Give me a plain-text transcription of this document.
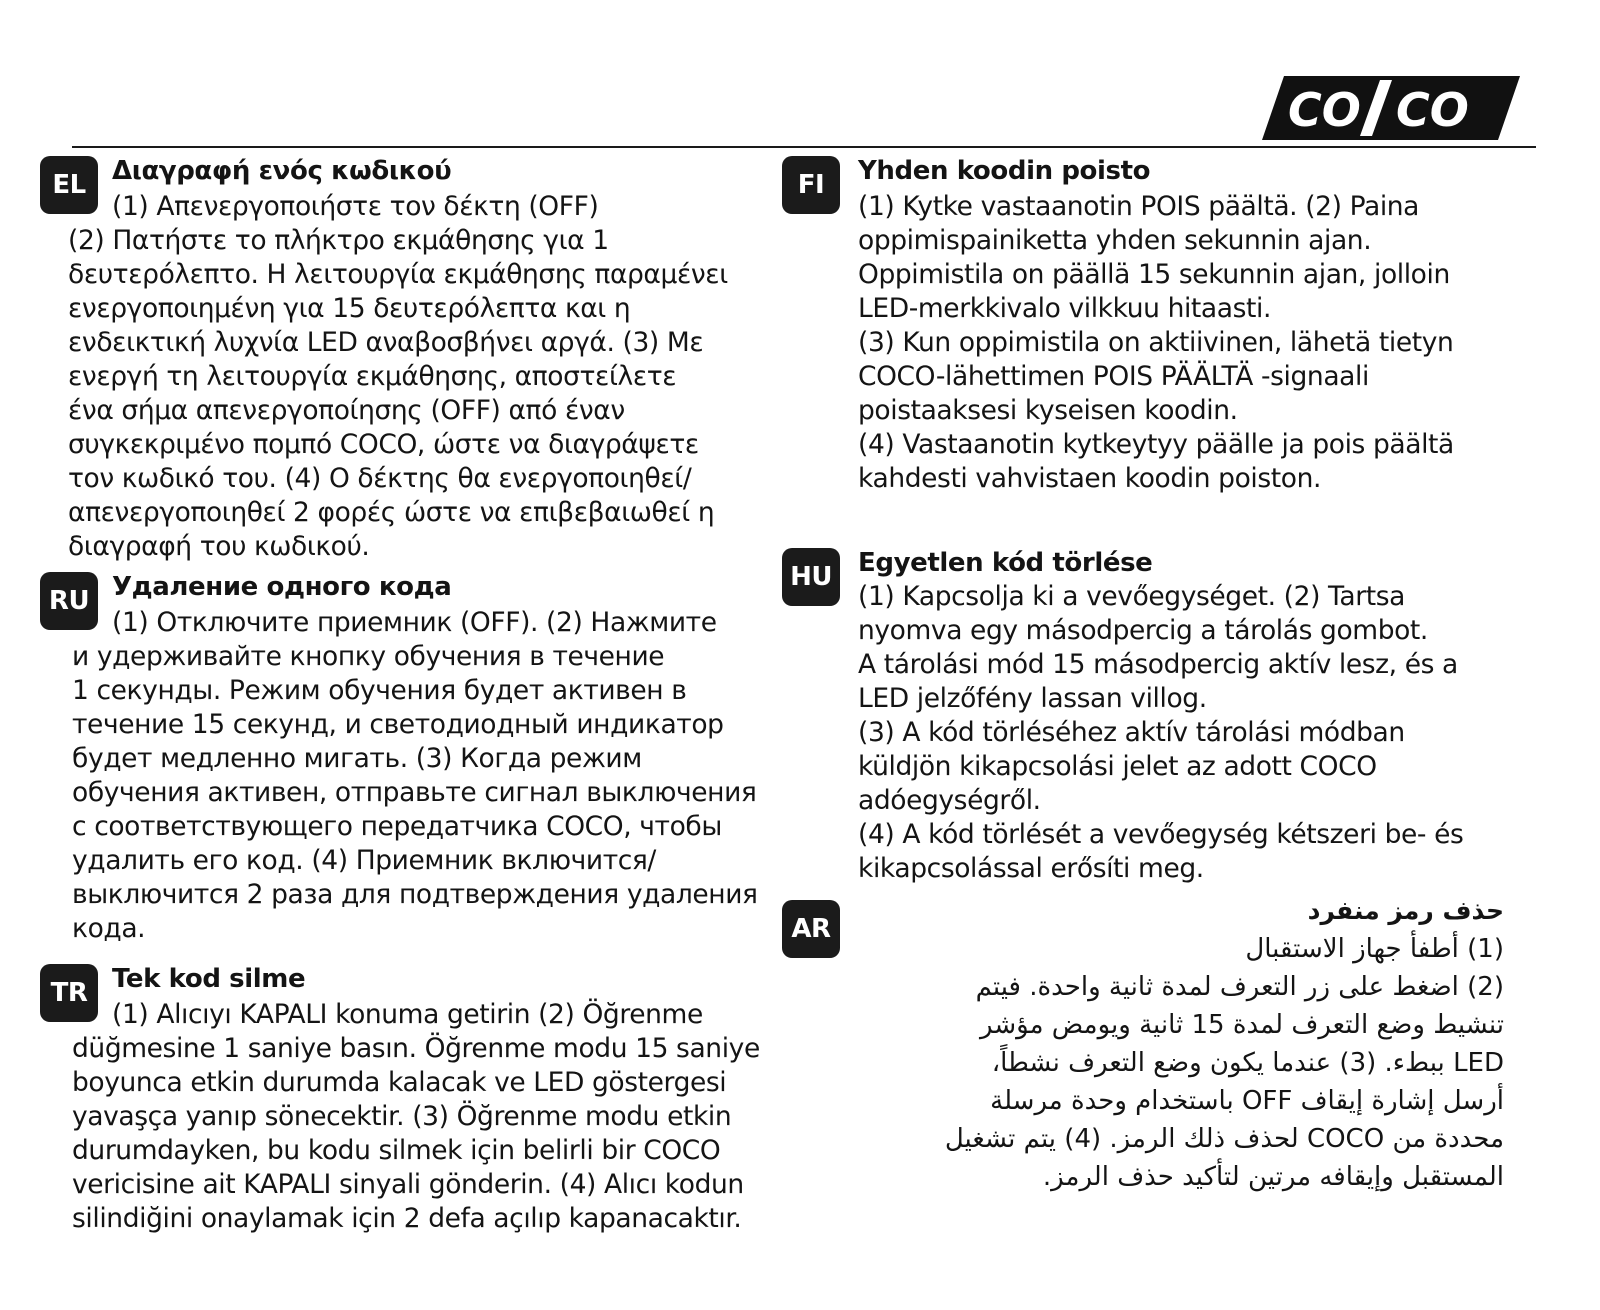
CO CO
EL	Διαγραφή ενός κωδικού
(1) Απενεργοποιήστε τον δέκτη (OFF)
(2) Πατήστε το πλήκτρο εκμάθησης για 1
δευτερόλεπτο. Η λειτουργία εκμάθησης παραμένει
ενεργοποιημένη για 15 δευτερόλεπτα και η
ενδεικτική λυχνία LED αναβοσβήνει αργά. (3) Με
ενεργή τη λειτουργία εκμάθησης, αποστείλετε
ένα σήμα απενεργοποίησης (OFF) από έναν
συγκεκριμένο πομπό COCO, ώστε να διαγράψετε
τον κωδικό του. (4) Ο δέκτης θα ενεργοποιηθεί/
απενεργοποιηθεί 2 φορές ώστε να επιβεβαιωθεί η
διαγραφή του κωδικού.
RU Удаление одного кода
(1) Отключите приемник (OFF). (2) Нажмите
и удерживайте кнопку обучения в течение
1 секунды. Режим обучения будет активен в
течение 15 секунд, и светодиодный индикатор
будет медленно мигать. (3) Когда режим
обучения активен, отправьте сигнал выключения
с соответствующего передатчика COCO, чтобы
удалить его код. (4) Приемник включится/
выключится 2 раза для подтверждения удаления
кода.
TR Tek kod silme
(1) Alıcıyı KAPALI konuma getirin (2) Öğrenme
düğmesine 1 saniye basın. Öğrenme modu 15 saniye
boyunca etkin durumda kalacak ve LED göstergesi
yavaşça yanıp sönecektir. (3) Öğrenme modu etkin
durumdayken, bu kodu silmek için belirli bir COCO
vericisine ait KAPALI sinyali gönderin. (4) Alıcı kodun
silindiğini onaylamak için 2 defa açılıp kapanacaktır.
FI	Yhden koodin poisto
(1) Kytke vastaanotin POIS päältä. (2) Paina
oppimispainiketta yhden sekunnin ajan.
Oppimistila on päällä 15 sekunnin ajan, jolloin
LED-merkkivalo vilkkuu hitaasti.
(3) Kun oppimistila on aktiivinen, lähetä tietyn
COCO-lähettimen POIS PÄÄLTÄ -signaali
poistaaksesi kyseisen koodin.
(4) Vastaanotin kytkeytyy päälle ja pois päältä
kahdesti vahvistaen koodin poiston.
HU	Egyetlen kód törlése
(1) Kapcsolja ki a vevőegységet. (2) Tartsa
nyomva egy másodpercig a tárolás gombot.
A tárolási mód 15 másodpercig aktív lesz, és a
LED jelzőfény lassan villog.
(3) A kód törléséhez aktív tárolási módban
küldjön kikapcsolási jelet az adott COCO
adóegységről.
(4) A kód törlését a vevőegység kétszeri be- és
kikapcsolással erősíti meg.
AR
حذف رمز منفرد
(1) أطفأ جهاز الاستقبال
(2) اضغط على زر التعرف لمدة ثانية واحدة. فيتم
تنشيط وضع التعرف لمدة 15 ثانية ويومض مؤشر
LED ببطء. (3) عندما يكون وضع التعرف نشطاً،
أرسل إشارة إيقاف OFF باستخدام وحدة مرسلة
محددة من COCO لحذف ذلك الرمز. (4) يتم تشغيل
المستقبل وإيقافه مرتين لتأكيد حذف الرمز.
